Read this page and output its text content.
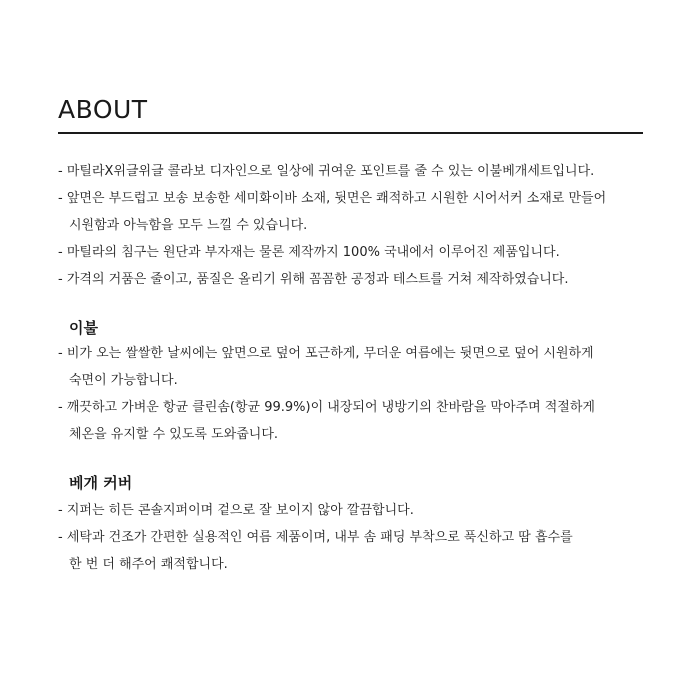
ABOUT
- 마틸라X위글위글 콜라보 디자인으로 일상에 귀여운 포인트를 줄 수 있는 이불베개세트입니다.
- 앞면은 부드럽고 보송 보송한 세미화이바 소재, 뒷면은 쾌적하고 시원한 시어서커 소재로 만들어
시원함과 아늑함을 모두 느낄 수 있습니다.
- 마틸라의 침구는 원단과 부자재는 물론 제작까지 100% 국내에서 이루어진 제품입니다.
- 가격의 거품은 줄이고, 품질은 올리기 위해 꼼꼼한 공정과 테스트를 거쳐 제작하였습니다.
이불
- 비가 오는 쌀쌀한 날씨에는 앞면으로 덮어 포근하게, 무더운 여름에는 뒷면으로 덮어 시원하게
숙면이 가능합니다.
- 깨끗하고 가벼운 항균 클린솜(항균 99.9%)이 내장되어 냉방기의 찬바람을 막아주며 적절하게
체온을 유지할 수 있도록 도와줍니다.
베개 커버
- 지퍼는 히든 콘솔지퍼이며 겉으로 잘 보이지 않아 깔끔합니다.
- 세탁과 건조가 간편한 실용적인 여름 제품이며, 내부 솜 패딩 부착으로 푹신하고 땀 흡수를
한 번 더 해주어 쾌적합니다.
